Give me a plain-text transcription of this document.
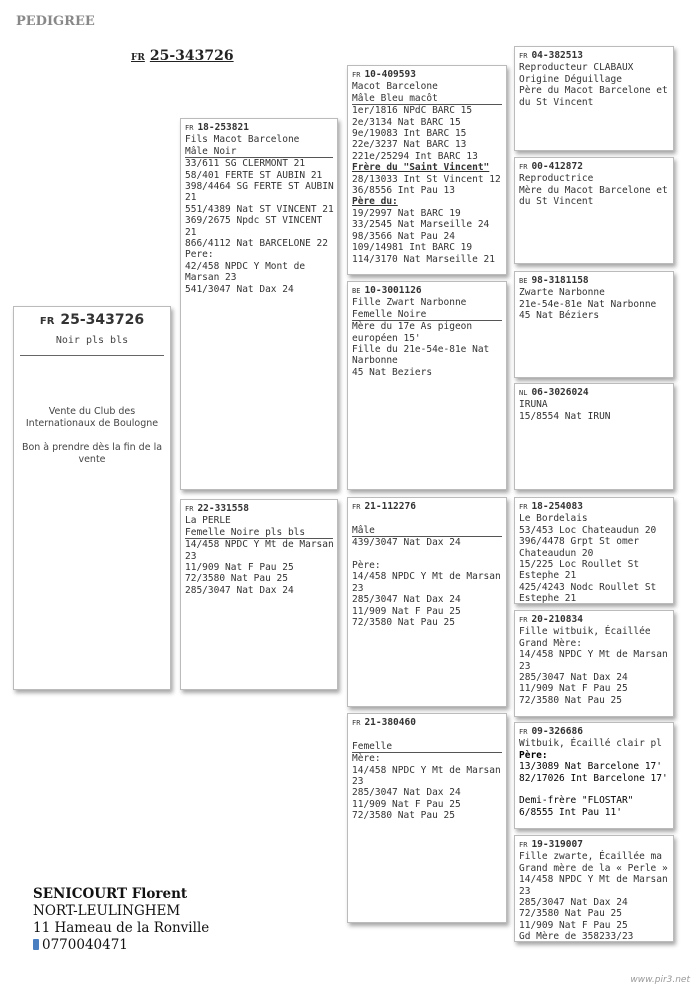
PEDIGREE
FR 25-343726
FR 25-343726
Noir pls bls
Vente du Club des Internationaux de Boulogne
Bon à prendre dès la fin de la vente
FR 18-253821
Fils Macot Barcelone
Mâle Noir
33/611 SG CLERMONT 21
58/401 FERTE ST AUBIN 21
398/4464 SG FERTE ST AUBIN
21
551/4389 Nat ST VINCENT 21
369/2675 Npdc ST VINCENT
21
866/4112 Nat BARCELONE 22
Pere:
42/458 NPDC Y Mont de
Marsan 23
541/3047 Nat Dax 24
FR 22-331558
La PERLE
Femelle Noire pls bls
14/458 NPDC Y Mt de Marsan
23
11/909 Nat F Pau 25
72/3580 Nat Pau 25
285/3047 Nat Dax 24
FR 10-409593
Macot Barcelone
Mâle Bleu macôt
1er/1816 NPdC BARC 15
2e/3134 Nat BARC 15
9e/19083 Int BARC 15
22e/3237 Nat BARC 13
221e/25294 Int BARC 13
Frère du "Saint Vincent"
28/13033 Int St Vincent 12
36/8556 Int Pau 13
Père du:
19/2997 Nat BARC 19
33/2545 Nat Marseille 24
98/3566 Nat Pau 24
109/14981 Int BARC 19
114/3170 Nat Marseille 21
BE 10-3001126
Fille Zwart Narbonne
Femelle Noire
Mère du 17e As pigeon
européen 15'
Fille du 21e-54e-81e Nat
Narbonne
45 Nat Beziers
FR 21-112276

Mâle
439/3047 Nat Dax 24

Père:
14/458 NPDC Y Mt de Marsan
23
285/3047 Nat Dax 24
11/909 Nat F Pau 25
72/3580 Nat Pau 25
FR 21-380460

Femelle
Mère:
14/458 NPDC Y Mt de Marsan
23
285/3047 Nat Dax 24
11/909 Nat F Pau 25
72/3580 Nat Pau 25
FR 04-382513
Reproducteur CLABAUX
Origine Déguillage
Père du Macot Barcelone et
du St Vincent
FR 00-412872
Reproductrice
Mère du Macot Barcelone et
du St Vincent
BE 98-3181158
Zwarte Narbonne
21e-54e-81e Nat Narbonne
45 Nat Béziers
NL 06-3026024
IRUNA
15/8554 Nat IRUN
FR 18-254083
Le Bordelais
53/453 Loc Chateaudun 20
396/4478 Grpt St omer
Chateaudun 20
15/225 Loc Roullet St
Estephe 21
425/4243 Nodc Roullet St
Estephe 21
FR 20-210834
Fille witbuik, Écaillée
Grand Mère:
14/458 NPDC Y Mt de Marsan
23
285/3047 Nat Dax 24
11/909 Nat F Pau 25
72/3580 Nat Pau 25
FR 09-326686
Witbuik, Écaillé clair pl
Père:
13/3089 Nat Barcelone 17'
82/17026 Int Barcelone 17'

Demi-frère "FLOSTAR"
6/8555 Int Pau 11'
FR 19-319007
Fille zwarte, Écaillée ma
Grand mère de la « Perle »
14/458 NPDC Y Mt de Marsan
23
285/3047 Nat Dax 24
72/3580 Nat Pau 25
11/909 Nat F Pau 25
Gd Mère de 358233/23
SENICOURT Florent
NORT-LEULINGHEM
11 Hameau de la Ronville
0770040471
www.pir3.net
